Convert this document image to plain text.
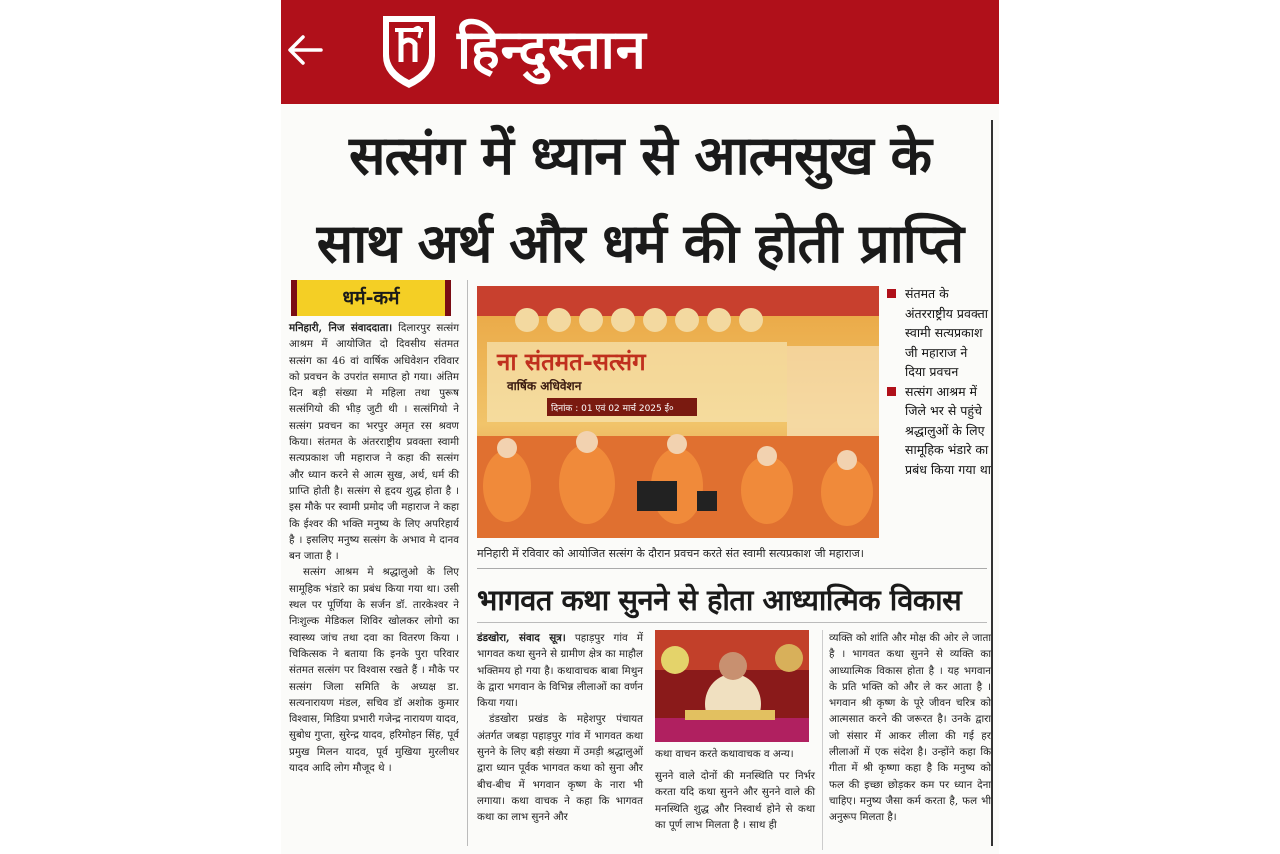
हिन्दुस्तान
सत्संग में ध्यान से आत्मसुख के
साथ अर्थ और धर्म की होती प्राप्ति
धर्म-कर्म

मनिहारी, निज संवाददाता। दिलारपुर सत्संग आश्रम में आयोजित दो दिवसीय संतमत सत्संग का 46 वां वार्षिक अधिवेशन रविवार को प्रवचन के उपरांत समाप्त हो गया। अंतिम दिन बड़ी संख्या मे महिला तथा पुरूष सत्संगियो की भीड़ जुटी थी । सत्संगियो ने सत्संग प्रवचन का भरपुर अमृत रस श्रवण किया। संतमत के अंतरराष्ट्रीय प्रवक्ता स्वामी सत्यप्रकाश जी महाराज ने कहा की सत्संग और ध्यान करने से आत्म सुख, अर्थ, धर्म की प्राप्ति होती है। सत्संग से हृदय शुद्ध होता है । इस मौके पर स्वामी प्रमोद जी महाराज ने कहा कि ईश्वर की भक्ति मनुष्य के लिए अपरिहार्य है । इसलिए मनुष्य सत्संग के अभाव मे दानव बन जाता है ।

सत्संग आश्रम मे श्रद्धालुओ के लिए सामूहिक भंडारे का प्रबंध किया गया था। उसी स्थल पर पूर्णिया के सर्जन डॉ. तारकेश्वर ने निःशुल्क मेडिकल शिविर खोलकर लोगो का स्वास्थ्य जांच तथा दवा का वितरण किया । चिकित्सक ने बताया कि इनके पुरा परिवार संतमत सत्संग पर विश्वास रखते हैं । मौके पर सत्संग जिला समिति के अध्यक्ष डा. सत्यनारायण मंडल, सचिव डॉ अशोक कुमार विश्वास, मिडिया प्रभारी गजेन्द्र नारायण यादव, सुबोध गुप्ता, सुरेन्द्र यादव, हरिमोहन सिंह, पूर्व प्रमुख मिलन यादव, पूर्व मुखिया मुरलीधर यादव आदि लोग मौजूद थे ।

ना संतमत-सत्संग
वार्षिक अधिवेशन
दिनांक : 01 एवं 02 मार्च 2025 ई०
मनिहारी में रविवार को आयोजित सत्संग के दौरान प्रवचन करते संत स्वामी सत्यप्रकाश जी महाराज।
संतमत के अंतरराष्ट्रीय प्रवक्ता स्वामी सत्यप्रकाश जी महाराज ने दिया प्रवचन
सत्संग आश्रम में जिले भर से पहुंचे श्रद्धालुओं के लिए सामूहिक भंडारे का प्रबंध किया गया था
भागवत कथा सुनने से होता आध्यात्मिक विकास

डंडखोरा, संवाद सूत्र। पहाड़पुर गांव में भागवत कथा सुनने से ग्रामीण क्षेत्र का माहौल भक्तिमय हो गया है। कथावाचक बाबा मिथुन के द्वारा भगवान के विभिन्न लीलाओं का वर्णन किया गया।

डंडखोरा प्रखंड के महेशपुर पंचायत अंतर्गत जबड़ा पहाड़पुर गांव में भागवत कथा सुनने के लिए बड़ी संख्या में उमड़ी श्रद्धालुओं द्वारा ध्यान पूर्वक भागवत कथा को सुना और बीच-बीच में भगवान कृष्ण के नारा भी लगाया। कथा वाचक ने कहा कि भागवत कथा का लाभ सुनने और

कथा वाचन करते कथावाचक व अन्य।
सुनने वाले दोनों की मनस्थिति पर निर्भर करता यदि कथा सुनने और सुनने वाले की मनस्थिति शुद्ध और निस्वार्थ होने से कथा का पूर्ण लाभ मिलता है । साथ ही
व्यक्ति को शांति और मोक्ष की ओर ले जाता है । भागवत कथा सुनने से व्यक्ति का आध्यात्मिक विकास होता है । यह भगवान के प्रति भक्ति को और ले कर आता है । भगवान श्री कृष्ण के पूरे जीवन चरित्र को आत्मसात करने की जरूरत है। उनके द्वारा जो संसार में आकर लीला की गई हर लीलाओं में एक संदेश है। उन्होंने कहा कि गीता में श्री कृष्णा कहा है कि मनुष्य को फल की इच्छा छोड़कर कम पर ध्यान देना चाहिए। मनुष्य जैसा कर्म करता है, फल भी अनुरूप मिलता है।
